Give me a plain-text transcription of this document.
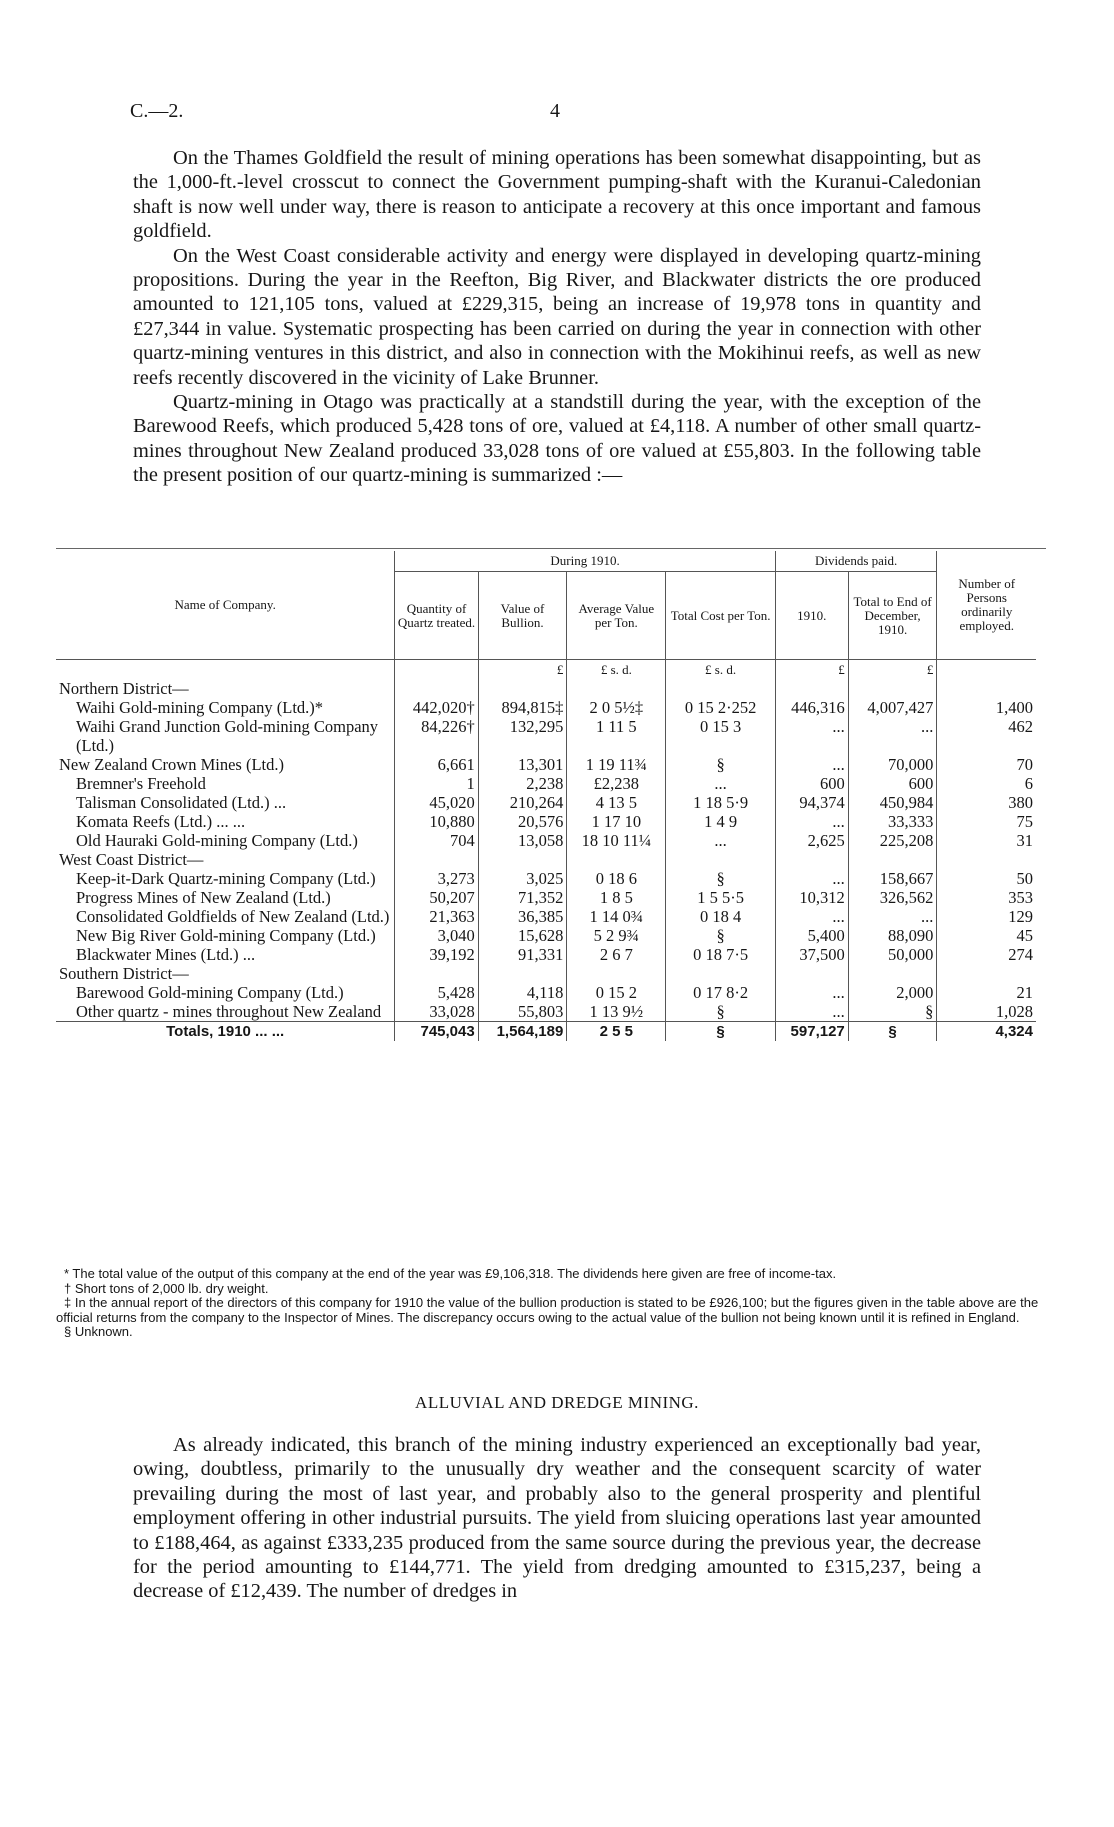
C.—2.	4

On the Thames Goldfield the result of mining operations has been somewhat disappointing, but as the 1,000-ft.-level crosscut to connect the Government pumping-shaft with the Kuranui-Caledonian shaft is now well under way, there is reason to anticipate a recovery at this once important and famous goldfield.

On the West Coast considerable activity and energy were displayed in developing quartz-mining propositions. During the year in the Reefton, Big River, and Blackwater districts the ore produced amounted to 121,105 tons, valued at £229,315, being an increase of 19,978 tons in quantity and £27,344 in value. Systematic prospecting has been carried on during the year in connection with other quartz-mining ventures in this district, and also in connection with the Mokihinui reefs, as well as new reefs recently discovered in the vicinity of Lake Brunner.

Quartz-mining in Otago was practically at a standstill during the year, with the exception of the Barewood Reefs, which produced 5,428 tons of ore, valued at £4,118. A number of other small quartz-mines throughout New Zealand produced 33,028 tons of ore valued at £55,803. In the following table the present position of our quartz-mining is summarized :—

Name of Company.	During 1910.				Dividends paid.		Number of Persons ordinarily employed.
	Quantity of Quartz treated.	Value of Bullion.	Average Value per Ton.	Total Cost per Ton.	1910.	Total to End of December, 1910.	
		£	£ s. d.	£ s. d.	£	£	
Northern District—							
Waihi Gold-mining Company (Ltd.)*	442,020†	894,815‡	2 0 5½‡	0 15 2·252	446,316	4,007,427	1,400
Waihi Grand Junction Gold-mining Company (Ltd.)	84,226†	132,295	1 11 5	0 15 3	...	...	462
New Zealand Crown Mines (Ltd.)	6,661	13,301	1 19 11¾	§	...	70,000	70
Bremner's Freehold	1	2,238	£2,238	...	600	600	6
Talisman Consolidated (Ltd.) ...	45,020	210,264	4 13 5	1 18 5·9	94,374	450,984	380
Komata Reefs (Ltd.) ... ...	10,880	20,576	1 17 10	1 4 9	...	33,333	75
Old Hauraki Gold-mining Company (Ltd.)	704	13,058	18 10 11¼	...	2,625	225,208	31
West Coast District—							
Keep-it-Dark Quartz-mining Company (Ltd.)	3,273	3,025	0 18 6	§	...	158,667	50
Progress Mines of New Zealand (Ltd.)	50,207	71,352	1 8 5	1 5 5·5	10,312	326,562	353
Consolidated Goldfields of New Zealand (Ltd.)	21,363	36,385	1 14 0¾	0 18 4	...	...	129
New Big River Gold-mining Company (Ltd.)	3,040	15,628	5 2 9¾	§	5,400	88,090	45
Blackwater Mines (Ltd.) ...	39,192	91,331	2 6 7	0 18 7·5	37,500	50,000	274
Southern District—							
Barewood Gold-mining Company (Ltd.)	5,428	4,118	0 15 2	0 17 8·2	...	2,000	21
Other quartz - mines throughout New Zealand	33,028	55,803	1 13 9½	§	...	§	1,028
Totals, 1910 ... ...	745,043	1,564,189	2 5 5	§	597,127	§	4,324

* The total value of the output of this company at the end of the year was £9,106,318. The dividends here given are free of income-tax.

† Short tons of 2,000 lb. dry weight.

‡ In the annual report of the directors of this company for 1910 the value of the bullion production is stated to be £926,100; but the figures given in the table above are the official returns from the company to the Inspector of Mines. The discrepancy occurs owing to the actual value of the bullion not being known until it is refined in England.

§ Unknown.

ALLUVIAL AND DREDGE MINING.

As already indicated, this branch of the mining industry experienced an exceptionally bad year, owing, doubtless, primarily to the unusually dry weather and the consequent scarcity of water prevailing during the most of last year, and probably also to the general prosperity and plentiful employment offering in other industrial pursuits. The yield from sluicing operations last year amounted to £188,464, as against £333,235 produced from the same source during the previous year, the decrease for the period amounting to £144,771. The yield from dredging amounted to £315,237, being a decrease of £12,439. The number of dredges in
